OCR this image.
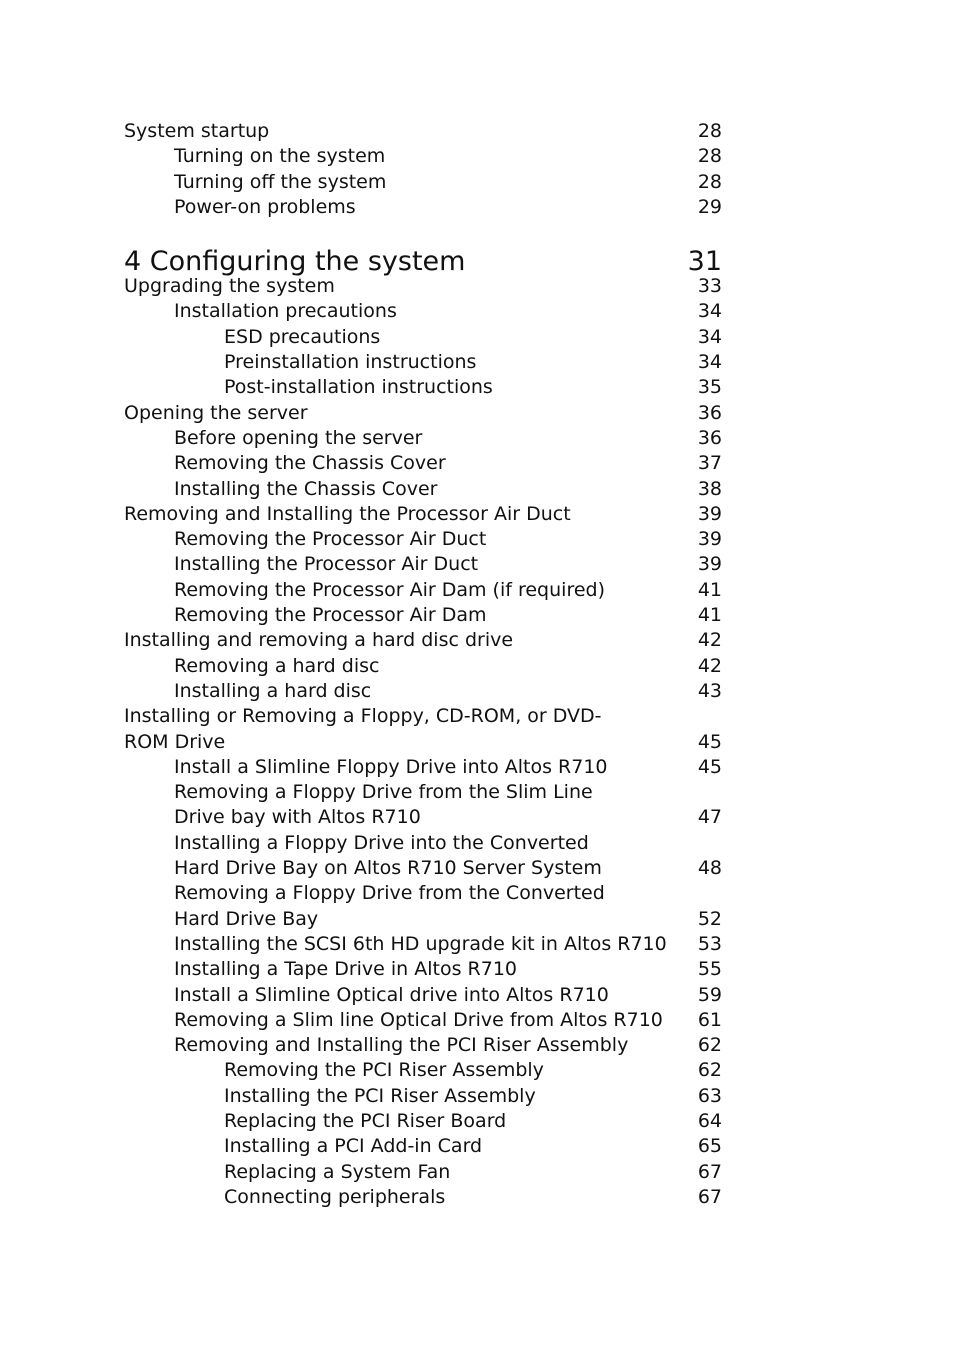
System startup	28
Turning on the system	28
Turning off the system	28
Power-on problems	29
4 Configuring the system	31
Upgrading the system	33
Installation precautions	34
ESD precautions	34
Preinstallation instructions	34
Post-installation instructions	35
Opening the server	36
Before opening the server	36
Removing the Chassis Cover	37
Installing the Chassis Cover	38
Removing and Installing the Processor Air Duct	39
Removing the Processor Air Duct	39
Installing the Processor Air Duct	39
Removing the Processor Air Dam (if required)	41
Removing the Processor Air Dam	41
Installing and removing a hard disc drive	42
Removing a hard disc	42
Installing a hard disc	43
Installing or Removing a Floppy, CD-ROM, or DVD-ROM Drive	45
Install a Slimline Floppy Drive into Altos R710	45
Removing a Floppy Drive from the Slim Line Drive bay with Altos R710	47
Installing a Floppy Drive into the Converted Hard Drive Bay on Altos R710 Server System	48
Removing a Floppy Drive from the Converted Hard Drive Bay	52
Installing the SCSI 6th HD upgrade kit in Altos R710	53
Installing a Tape Drive in Altos R710	55
Install a Slimline Optical drive into Altos R710	59
Removing a Slim line Optical Drive from Altos R710	61
Removing and Installing the PCI Riser Assembly	62
Removing the PCI Riser Assembly	62
Installing the PCI Riser Assembly	63
Replacing the PCI Riser Board	64
Installing a PCI Add-in Card	65
Replacing a System Fan	67
Connecting peripherals	67
